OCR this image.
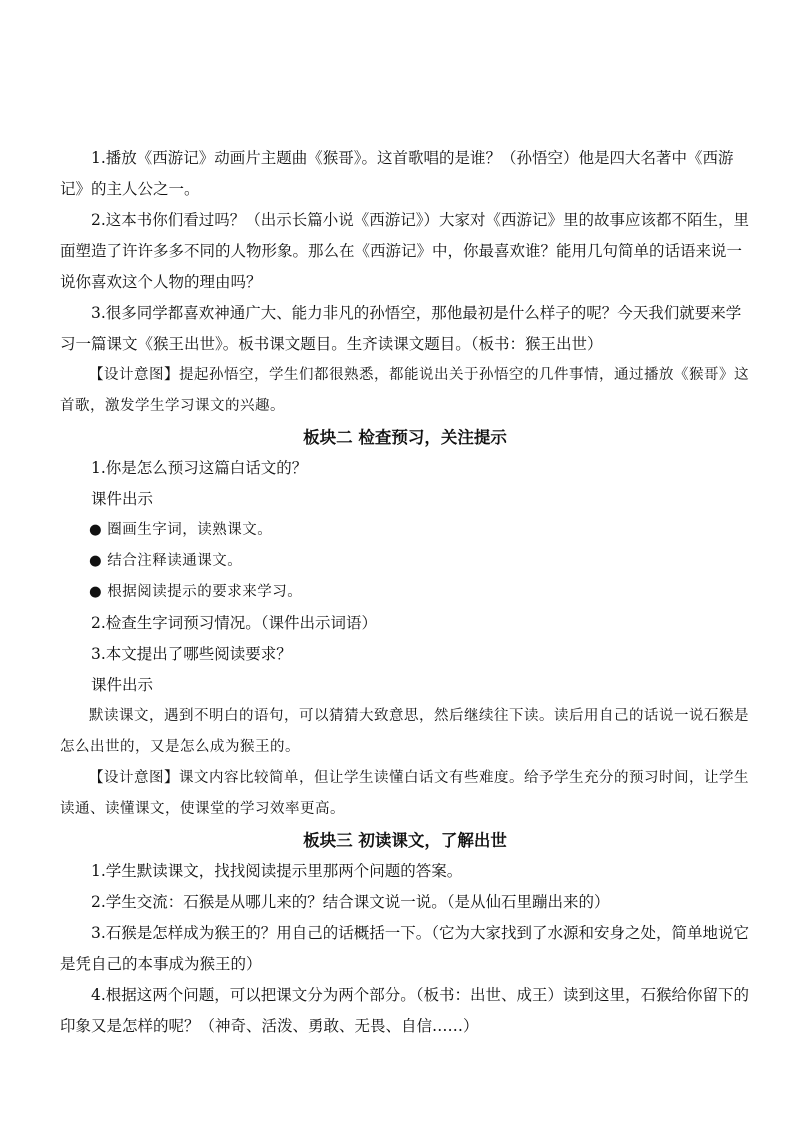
1.播放《西游记》动画片主题曲《猴哥》。这首歌唱的是谁？（孙悟空）他是四大名著中《西游记》的主人公之一。

2.这本书你们看过吗？（出示长篇小说《西游记》）大家对《西游记》里的故事应该都不陌生，里面塑造了许许多多不同的人物形象。那么在《西游记》中，你最喜欢谁？能用几句简单的话语来说一说你喜欢这个人物的理由吗？

3.很多同学都喜欢神通广大、能力非凡的孙悟空，那他最初是什么样子的呢？今天我们就要来学习一篇课文《猴王出世》。板书课文题目。生齐读课文题目。（板书：猴王出世）

【设计意图】提起孙悟空，学生们都很熟悉，都能说出关于孙悟空的几件事情，通过播放《猴哥》这首歌，激发学生学习课文的兴趣。

板块二 检查预习，关注提示

1.你是怎么预习这篇白话文的？

课件出示

● 圈画生字词，读熟课文。

● 结合注释读通课文。

● 根据阅读提示的要求来学习。

2.检查生字词预习情况。（课件出示词语）

3.本文提出了哪些阅读要求？

课件出示

默读课文，遇到不明白的语句，可以猜猜大致意思，然后继续往下读。读后用自己的话说一说石猴是怎么出世的，又是怎么成为猴王的。

【设计意图】课文内容比较简单，但让学生读懂白话文有些难度。给予学生充分的预习时间，让学生读通、读懂课文，使课堂的学习效率更高。

板块三 初读课文，了解出世

1.学生默读课文，找找阅读提示里那两个问题的答案。

2.学生交流：石猴是从哪儿来的？结合课文说一说。（是从仙石里蹦出来的）

3.石猴是怎样成为猴王的？用自己的话概括一下。（它为大家找到了水源和安身之处，简单地说它是凭自己的本事成为猴王的）

4.根据这两个问题，可以把课文分为两个部分。（板书：出世、成王）读到这里，石猴给你留下的印象又是怎样的呢？（神奇、活泼、勇敢、无畏、自信……）
